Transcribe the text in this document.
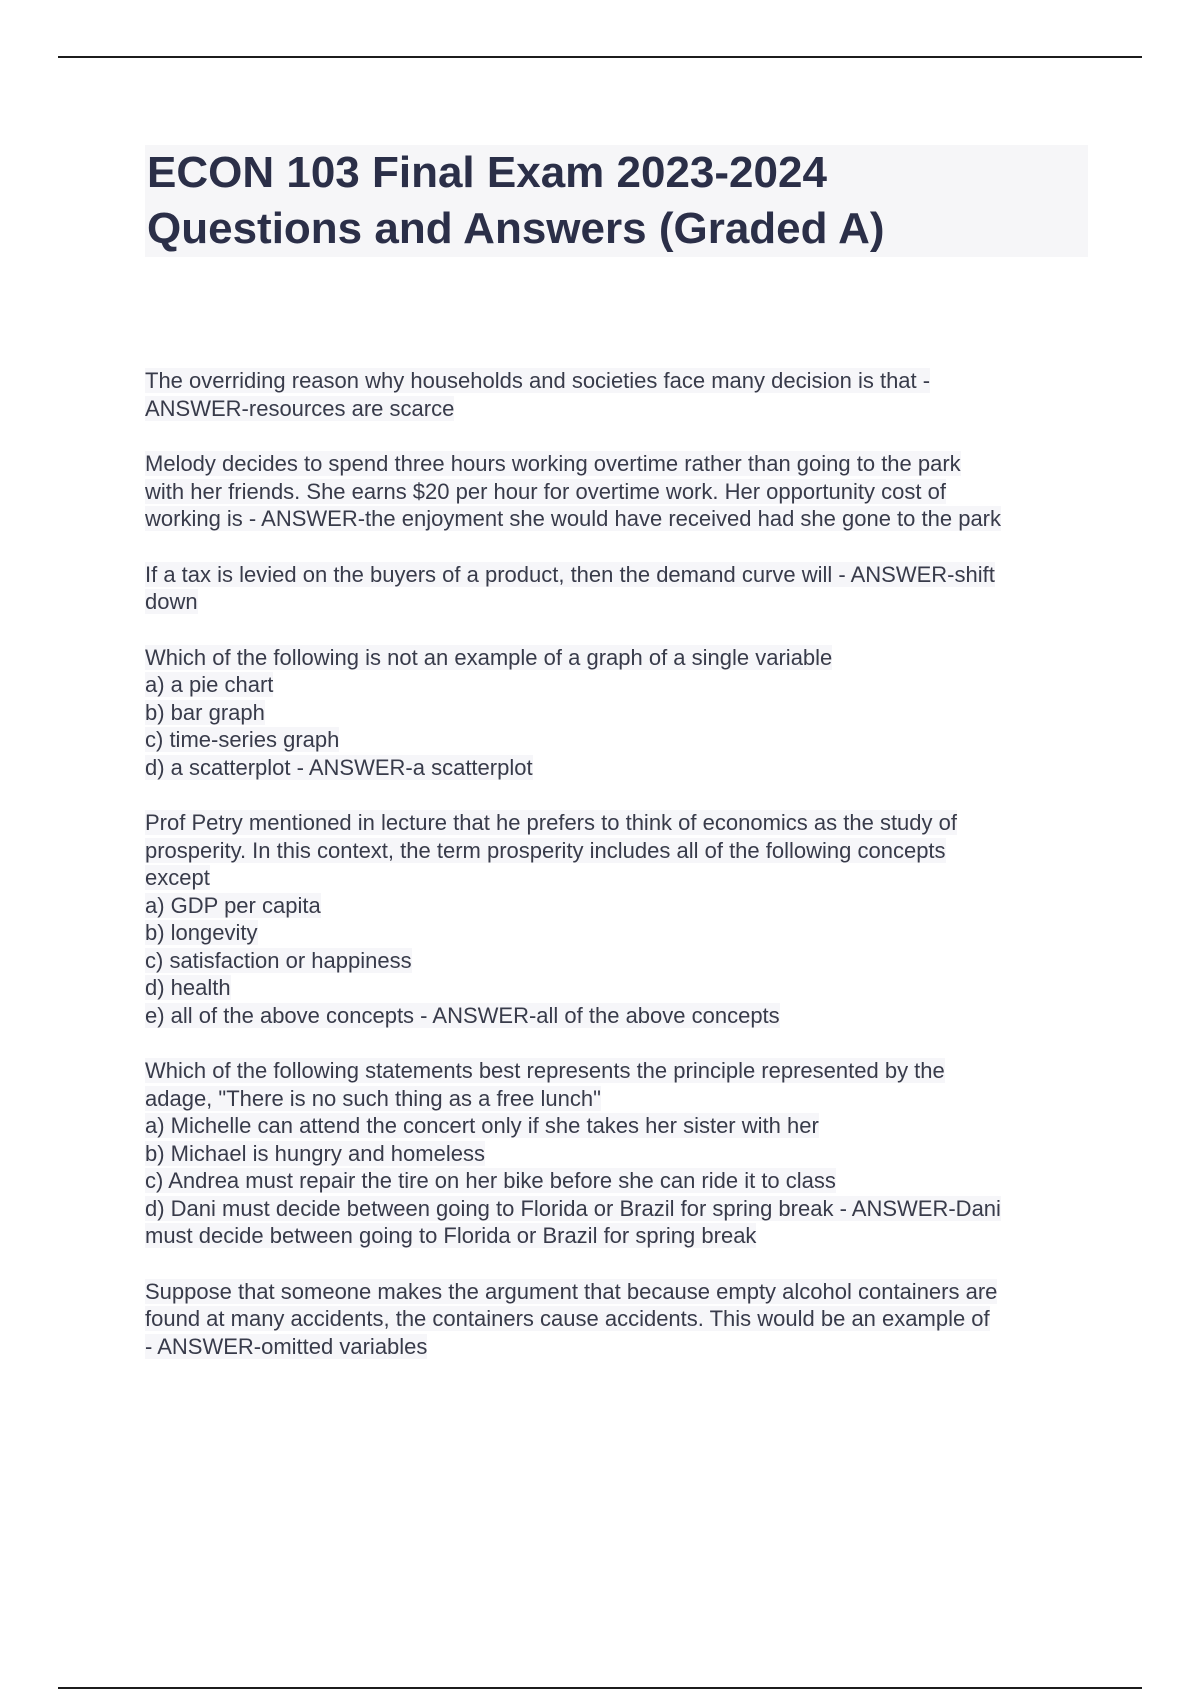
ECON 103 Final Exam 2023-2024
Questions and Answers (Graded A)
The overriding reason why households and societies face many decision is that -
ANSWER-resources are scarce
Melody decides to spend three hours working overtime rather than going to the park
with her friends. She earns $20 per hour for overtime work. Her opportunity cost of
working is - ANSWER-the enjoyment she would have received had she gone to the park
If a tax is levied on the buyers of a product, then the demand curve will - ANSWER-shift
down
Which of the following is not an example of a graph of a single variable
a) a pie chart
b) bar graph
c) time-series graph
d) a scatterplot - ANSWER-a scatterplot
Prof Petry mentioned in lecture that he prefers to think of economics as the study of
prosperity. In this context, the term prosperity includes all of the following concepts
except
a) GDP per capita
b) longevity
c) satisfaction or happiness
d) health
e) all of the above concepts - ANSWER-all of the above concepts
Which of the following statements best represents the principle represented by the
adage, "There is no such thing as a free lunch"
a) Michelle can attend the concert only if she takes her sister with her
b) Michael is hungry and homeless
c) Andrea must repair the tire on her bike before she can ride it to class
d) Dani must decide between going to Florida or Brazil for spring break - ANSWER-Dani
must decide between going to Florida or Brazil for spring break
Suppose that someone makes the argument that because empty alcohol containers are
found at many accidents, the containers cause accidents. This would be an example of
- ANSWER-omitted variables
